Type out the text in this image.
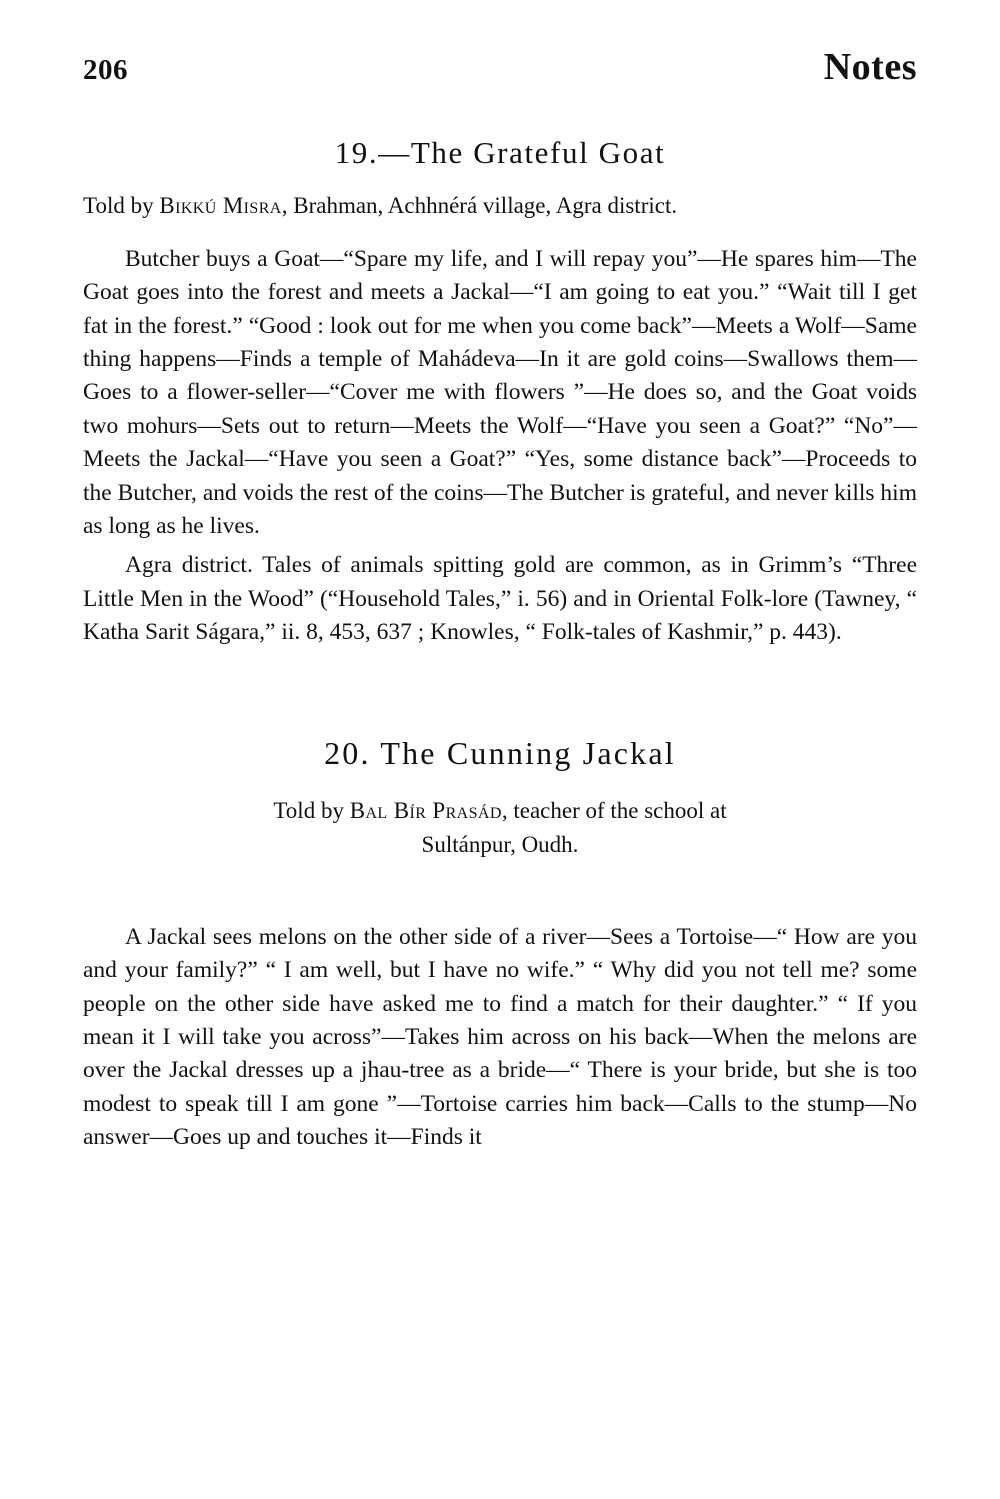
206	Notes
19.—The Grateful Goat

Told by Bikkú Misra, Brahman, Achhnérá village, Agra district.

Butcher buys a Goat—“Spare my life, and I will repay you”—He spares him—The Goat goes into the forest and meets a Jackal—“I am going to eat you.” “Wait till I get fat in the forest.” “Good : look out for me when you come back”—Meets a Wolf—Same thing happens—Finds a temple of Mahádeva—In it are gold coins—Swallows them—Goes to a flower-seller—“Cover me with flowers ”—He does so, and the Goat voids two mohurs—Sets out to return—Meets the Wolf—“Have you seen a Goat?” “No”—Meets the Jackal—“Have you seen a Goat?” “Yes, some distance back”—Proceeds to the Butcher, and voids the rest of the coins—The Butcher is grateful, and never kills him as long as he lives.

Agra district. Tales of animals spitting gold are common, as in Grimm’s “Three Little Men in the Wood” (“Household Tales,” i. 56) and in Oriental Folk-lore (Tawney, “ Katha Sarit Ságara,” ii. 8, 453, 637 ; Knowles, “ Folk-tales of Kashmir,” p. 443).

20. The Cunning Jackal

Told by Bal Bír Prasád, teacher of the school at
Sultánpur, Oudh.

A Jackal sees melons on the other side of a river—Sees a Tortoise—“ How are you and your family?” “ I am well, but I have no wife.” “ Why did you not tell me? some people on the other side have asked me to find a match for their daughter.” “ If you mean it I will take you across”—Takes him across on his back—When the melons are over the Jackal dresses up a jhau-tree as a bride—“ There is your bride, but she is too modest to speak till I am gone ”—Tortoise carries him back—Calls to the stump—No answer—Goes up and touches it—Finds it
